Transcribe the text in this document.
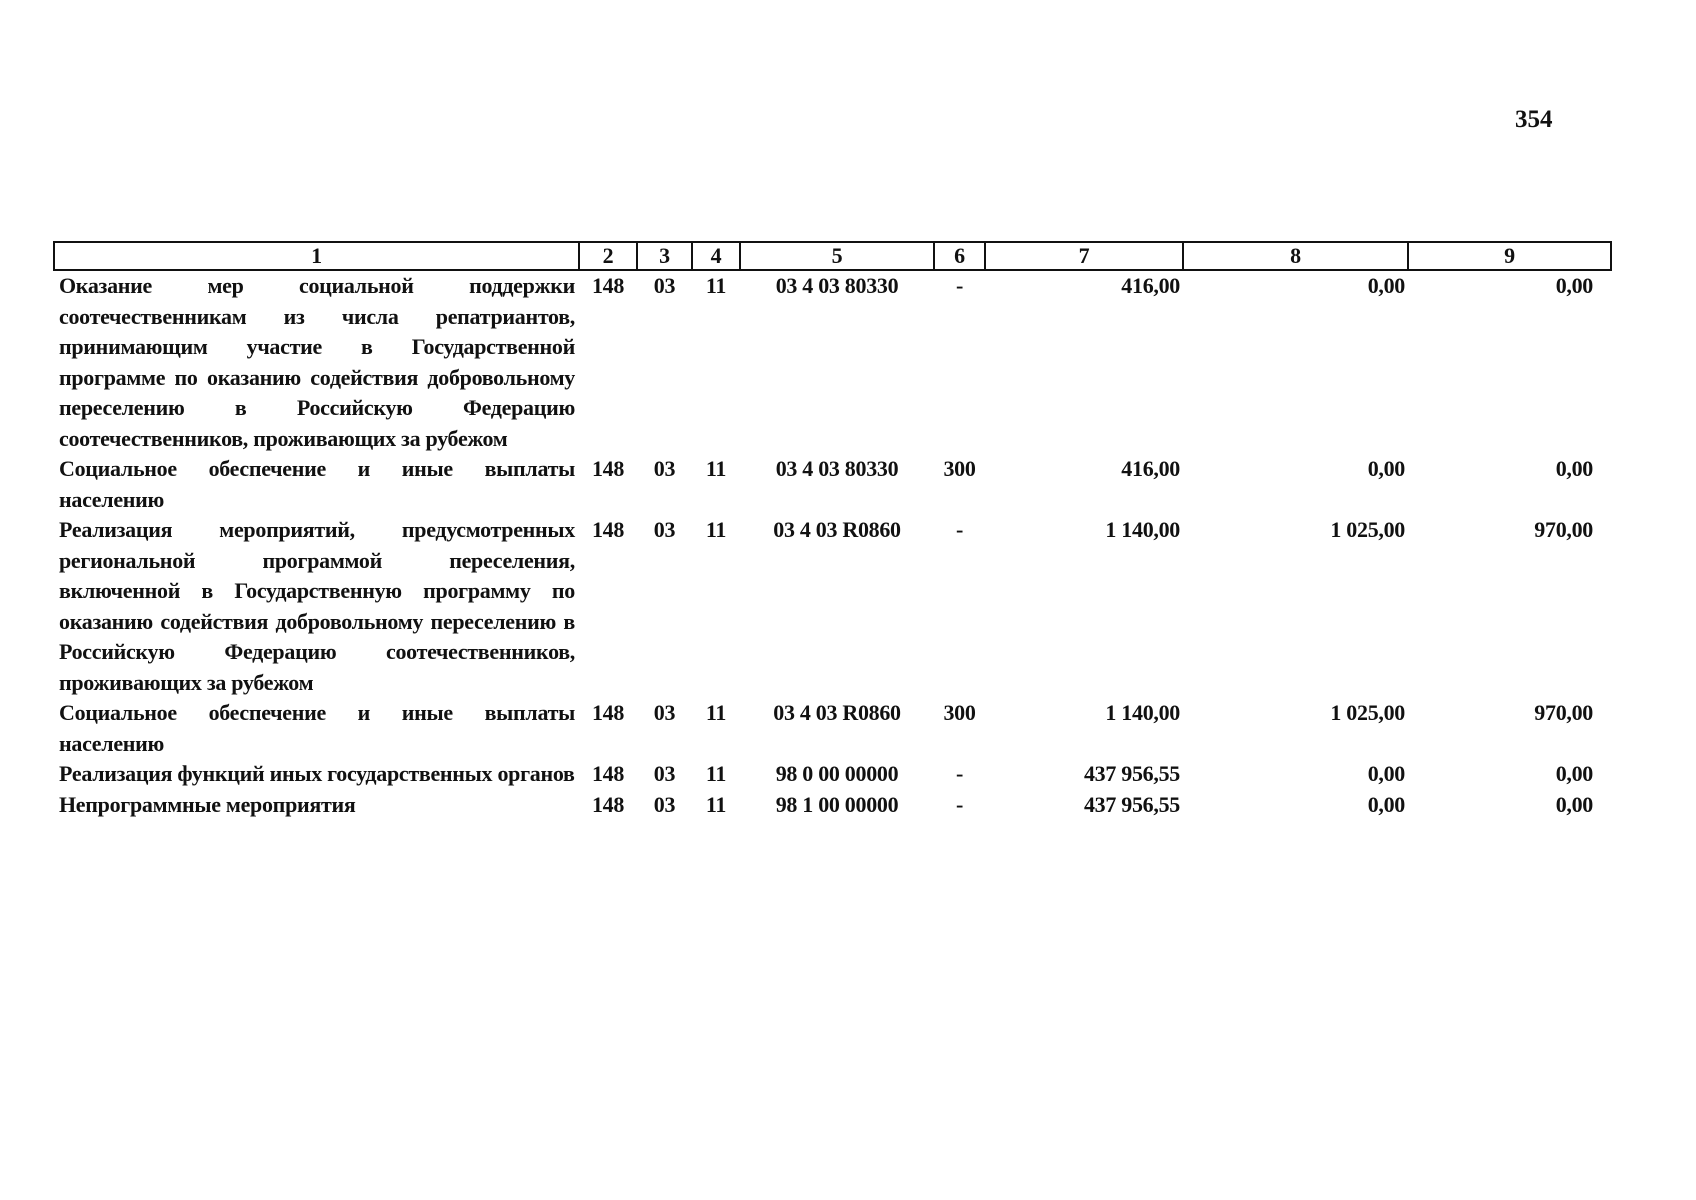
354
1	2	3	4	5	6	7	8	9
Оказание мер социальной поддержки соотечественникам из числа репатриантов, принимающим участие в Государственной программе по оказанию содействия добровольному переселению в Российскую Федерацию соотечественников, проживающих за рубежом	148	03	11	03 4 03 80330	-	416,00	0,00	0,00
Социальное обеспечение и иные выплаты населению	148	03	11	03 4 03 80330	300	416,00	0,00	0,00
Реализация мероприятий, предусмотренных региональной программой переселения, включенной в Государственную программу по оказанию содействия добровольному переселению в Российскую Федерацию соотечественников, проживающих за рубежом	148	03	11	03 4 03 R0860	-	1 140,00	1 025,00	970,00
Социальное обеспечение и иные выплаты населению	148	03	11	03 4 03 R0860	300	1 140,00	1 025,00	970,00
Реализация функций иных государственных органов	148	03	11	98 0 00 00000	-	437 956,55	0,00	0,00
Непрограммные мероприятия	148	03	11	98 1 00 00000	-	437 956,55	0,00	0,00
